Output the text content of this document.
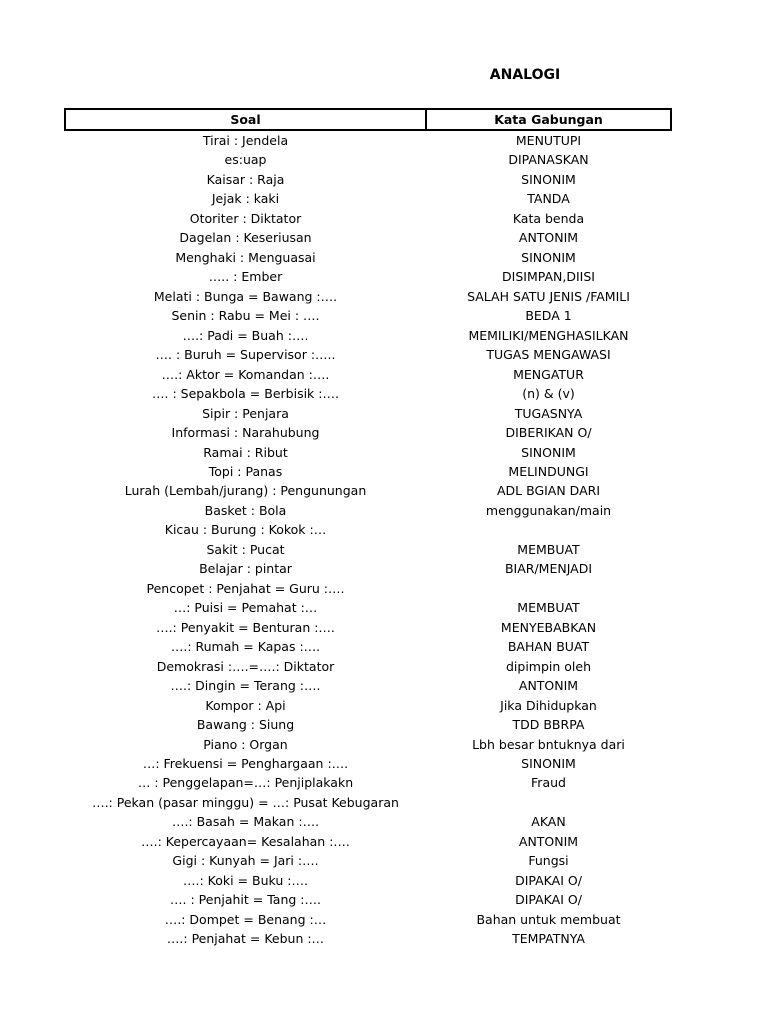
ANALOGI
Soal	Kata Gabungan
Tirai : Jendela	MENUTUPI
es:uap	DIPANASKAN
Kaisar : Raja	SINONIM
Jejak : kaki	TANDA
Otoriter : Diktator	Kata benda
Dagelan : Keseriusan	ANTONIM
Menghaki : Menguasai	SINONIM
….. : Ember	DISIMPAN,DIISI
Melati : Bunga = Bawang :….	SALAH SATU JENIS /FAMILI
Senin : Rabu = Mei : ….	BEDA 1
….: Padi = Buah :….	MEMILIKI/MENGHASILKAN
…. : Buruh = Supervisor :…..	TUGAS MENGAWASI
….: Aktor = Komandan :….	MENGATUR
…. : Sepakbola = Berbisik :….	(n) & (v)
Sipir : Penjara	TUGASNYA
Informasi : Narahubung	DIBERIKAN O/
Ramai : Ribut	SINONIM
Topi : Panas	MELINDUNGI
Lurah (Lembah/jurang) : Pengunungan	ADL BGIAN DARI
Basket : Bola	menggunakan/main
Kicau : Burung : Kokok :…	
Sakit : Pucat	MEMBUAT
Belajar : pintar	BIAR/MENJADI
Pencopet : Penjahat = Guru :….	
…: Puisi = Pemahat :…	MEMBUAT
….: Penyakit = Benturan :….	MENYEBABKAN
….: Rumah = Kapas :….	BAHAN BUAT
Demokrasi :….=….: Diktator	dipimpin oleh
….: Dingin = Terang :….	ANTONIM
Kompor : Api	Jika Dihidupkan
Bawang : Siung	TDD BBRPA
Piano : Organ	Lbh besar bntuknya dari
…: Frekuensi = Penghargaan :….	SINONIM
… : Penggelapan=…: Penjiplakakn	Fraud
….: Pekan (pasar minggu) = …: Pusat Kebugaran	
….: Basah = Makan :….	AKAN
….: Kepercayaan= Kesalahan :….	ANTONIM
Gigi : Kunyah = Jari :….	Fungsi
….: Koki = Buku :….	DIPAKAI O/
…. : Penjahit = Tang :….	DIPAKAI O/
….: Dompet = Benang :…	Bahan untuk membuat
….: Penjahat = Kebun :…	TEMPATNYA
